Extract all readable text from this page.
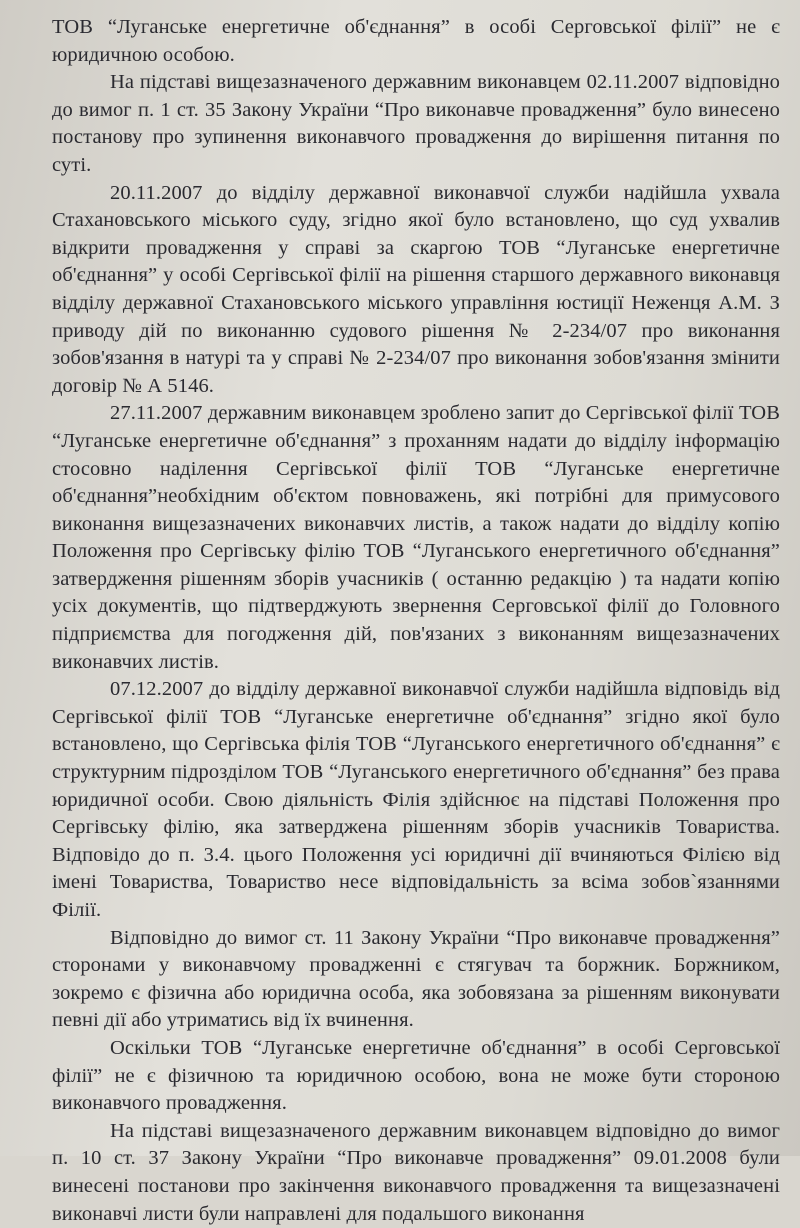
ТОВ “Луганське енергетичне об'єднання” в особі Серговської філії” не є юридичною особою.

На підставі вищезазначеного державним виконавцем 02.11.2007 відповідно до вимог п. 1 ст. 35 Закону України “Про виконавче провадження” було винесено постанову про зупинення виконавчого провадження до вирішення питання по суті.

20.11.2007 до відділу державної виконавчої служби надійшла ухвала Стахановського міського суду, згідно якої було встановлено, що суд ухвалив відкрити провадження у справі за скаргою ТОВ “Луганське енергетичне об'єднання” у особі Сергівської філії на рішення старшого державного виконавця відділу державної Стахановського міського управління юстиції Неженця А.М. З приводу дій по виконанню судового рішення № 2-234/07 про виконання зобов'язання в натурі та у справі № 2-234/07 про виконання зобов'язання змінити договір № А 5146.

27.11.2007 державним виконавцем зроблено запит до Сергівської філії ТОВ “Луганське енергетичне об'єднання” з проханням надати до відділу інформацію стосовно наділення Сергівської філії ТОВ “Луганське енергетичне об'єднання”необхідним об'єктом повноважень, які потрібні для примусового виконання вищезазначених виконавчих листів, а також надати до відділу копію Положення про Сергівську філію ТОВ “Луганського енергетичного об'єднання” затвердження рішенням зборів учасників ( останню редакцію ) та надати копію усіх документів, що підтверджують звернення Серговської філії до Головного підприємства для погодження дій, пов'язаних з виконанням вищезазначених виконавчих листів.

07.12.2007 до відділу державної виконавчої служби надійшла відповідь від Сергівської філії ТОВ “Луганське енергетичне об'єднання” згідно якої було встановлено, що Сергівська філія ТОВ “Луганського енергетичного об'єднання” є структурним підрозділом ТОВ “Луганського енергетичного об'єднання” без права юридичної особи. Свою діяльність Філія здійснює на підставі Положення про Сергівську філію, яка затверджена рішенням зборів учасників Товариства. Відповідо до п. 3.4. цього Положення усі юридичні дії вчиняються Філією від імені Товариства, Товариство несе відповідальність за всіма зобов`язаннями Філії.

Відповідно до вимог ст. 11 Закону України “Про виконавче провадження” сторонами у виконавчому провадженні є стягувач та боржник. Боржником, зокремо є фізична або юридична особа, яка зобовязана за рішенням виконувати певні дії або утриматись від їх вчинення.

Оскільки ТОВ “Луганське енергетичне об'єднання” в особі Серговської філії” не є фізичною та юридичною особою, вона не може бути стороною виконавчого провадження.

На підставі вищезазначеного державним виконавцем відповідно до вимог п. 10 ст. 37 Закону України “Про виконавче провадження” 09.01.2008 були винесені постанови про закінчення виконавчого провадження та вищезазначені виконавчі листи були направлені для подальшого виконання
